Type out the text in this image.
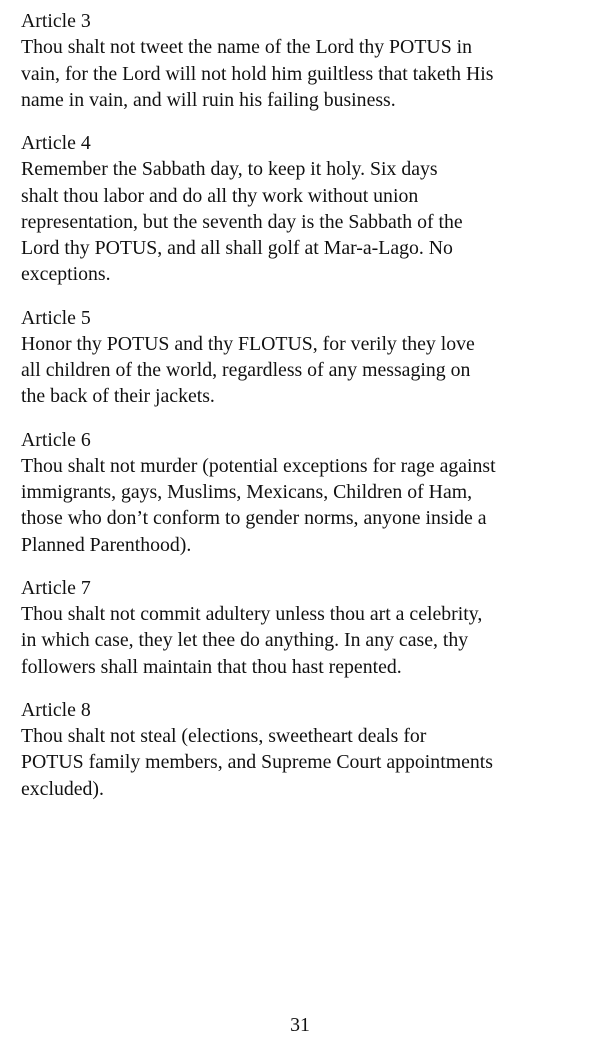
Article 3
Thou shalt not tweet the name of the Lord thy POTUS in
vain, for the Lord will not hold him guiltless that taketh His
name in vain, and will ruin his failing business.
Article 4
Remember the Sabbath day, to keep it holy. Six days
shalt thou labor and do all thy work without union
representation, but the seventh day is the Sabbath of the
Lord thy POTUS, and all shall golf at Mar-a-Lago. No
exceptions.
Article 5
Honor thy POTUS and thy FLOTUS, for verily they love
all children of the world, regardless of any messaging on
the back of their jackets.
Article 6
Thou shalt not murder (potential exceptions for rage against
immigrants, gays, Muslims, Mexicans, Children of Ham,
those who don’t conform to gender norms, anyone inside a
Planned Parenthood).
Article 7
Thou shalt not commit adultery unless thou art a celebrity,
in which case, they let thee do anything. In any case, thy
followers shall maintain that thou hast repented.
Article 8
Thou shalt not steal (elections, sweetheart deals for
POTUS family members, and Supreme Court appointments
excluded).
31
